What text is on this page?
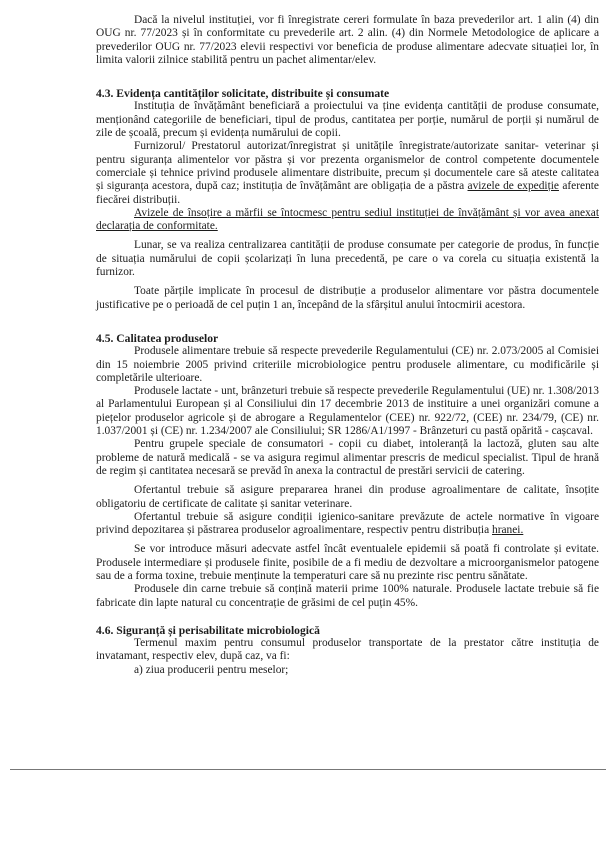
Dacă la nivelul instituției, vor fi înregistrate cereri formulate în baza prevederilor art. 1 alin (4) din OUG nr. 77/2023 și în conformitate cu prevederile art. 2 alin. (4) din Normele Metodologice de aplicare a prevederilor OUG nr. 77/2023 elevii respectivi vor beneficia de produse alimentare adecvate situației lor, în limita valorii zilnice stabilită pentru un pachet alimentar/elev.

4.3. Evidența cantităților solicitate, distribuite și consumate

Instituția de învățământ beneficiară a proiectului va ține evidența cantității de produse consumate, menționând categoriile de beneficiari, tipul de produs, cantitatea per porție, numărul de porții și numărul de zile de școală, precum și evidența numărului de copii.

Furnizorul/ Prestatorul autorizat/înregistrat și unitățile înregistrate/autorizate sanitar- veterinar și pentru siguranța alimentelor vor păstra și vor prezenta organismelor de control competente documentele comerciale și tehnice privind produsele alimentare distribuite, precum și documentele care să ateste calitatea și siguranța acestora, după caz; instituția de învățământ are obligația de a păstra avizele de expediție aferente fiecărei distribuții.

Avizele de însoțire a mărfii se întocmesc pentru sediul instituției de învățământ și vor avea anexat declarația de conformitate.

Lunar, se va realiza centralizarea cantității de produse consumate per categorie de produs, în funcție de situația numărului de copii școlarizați în luna precedentă, pe care o va corela cu situația existentă la furnizor.

Toate părțile implicate în procesul de distribuție a produselor alimentare vor păstra documentele justificative pe o perioadă de cel puțin 1 an, începând de la sfârșitul anului întocmirii acestora.

4.5. Calitatea produselor

Produsele alimentare trebuie să respecte prevederile Regulamentului (CE) nr. 2.073/2005 al Comisiei din 15 noiembrie 2005 privind criteriile microbiologice pentru produsele alimentare, cu modificările și completările ulterioare.

Produsele lactate - unt, brânzeturi trebuie să respecte prevederile Regulamentului (UE) nr. 1.308/2013 al Parlamentului European și al Consiliului din 17 decembrie 2013 de instituire a unei organizări comune a piețelor produselor agricole și de abrogare a Regulamentelor (CEE) nr. 922/72, (CEE) nr. 234/79, (CE) nr. 1.037/2001 și (CE) nr. 1.234/2007 ale Consiliului; SR 1286/A1/1997 - Brânzeturi cu pastă opărită - cașcaval.

Pentru grupele speciale de consumatori - copii cu diabet, intoleranță la lactoză, gluten sau alte probleme de natură medicală - se va asigura regimul alimentar prescris de medicul specialist. Tipul de hrană de regim și cantitatea necesară se prevăd în anexa la contractul de prestări servicii de catering.

Ofertantul trebuie să asigure prepararea hranei din produse agroalimentare de calitate, însoțite obligatoriu de certificate de calitate și sanitar veterinare.

Ofertantul trebuie să asigure condiții igienico-sanitare prevăzute de actele normative în vigoare privind depozitarea și păstrarea produselor agroalimentare, respectiv pentru distribuția hranei.

Se vor introduce măsuri adecvate astfel încât eventualele epidemii să poată fi controlate și evitate. Produsele intermediare și produsele finite, posibile de a fi mediu de dezvoltare a microorganismelor patogene sau de a forma toxine, trebuie menținute la temperaturi care să nu prezinte risc pentru sănătate.

Produsele din carne trebuie să conțină materii prime 100% naturale. Produsele lactate trebuie să fie fabricate din lapte natural cu concentrație de grăsimi de cel puțin 45%.

4.6. Siguranță și perisabilitate microbiologică

Termenul maxim pentru consumul produselor transportate de la prestator către instituția de invatamant, respectiv elev, după caz, va fi:

a) ziua producerii pentru meselor;
